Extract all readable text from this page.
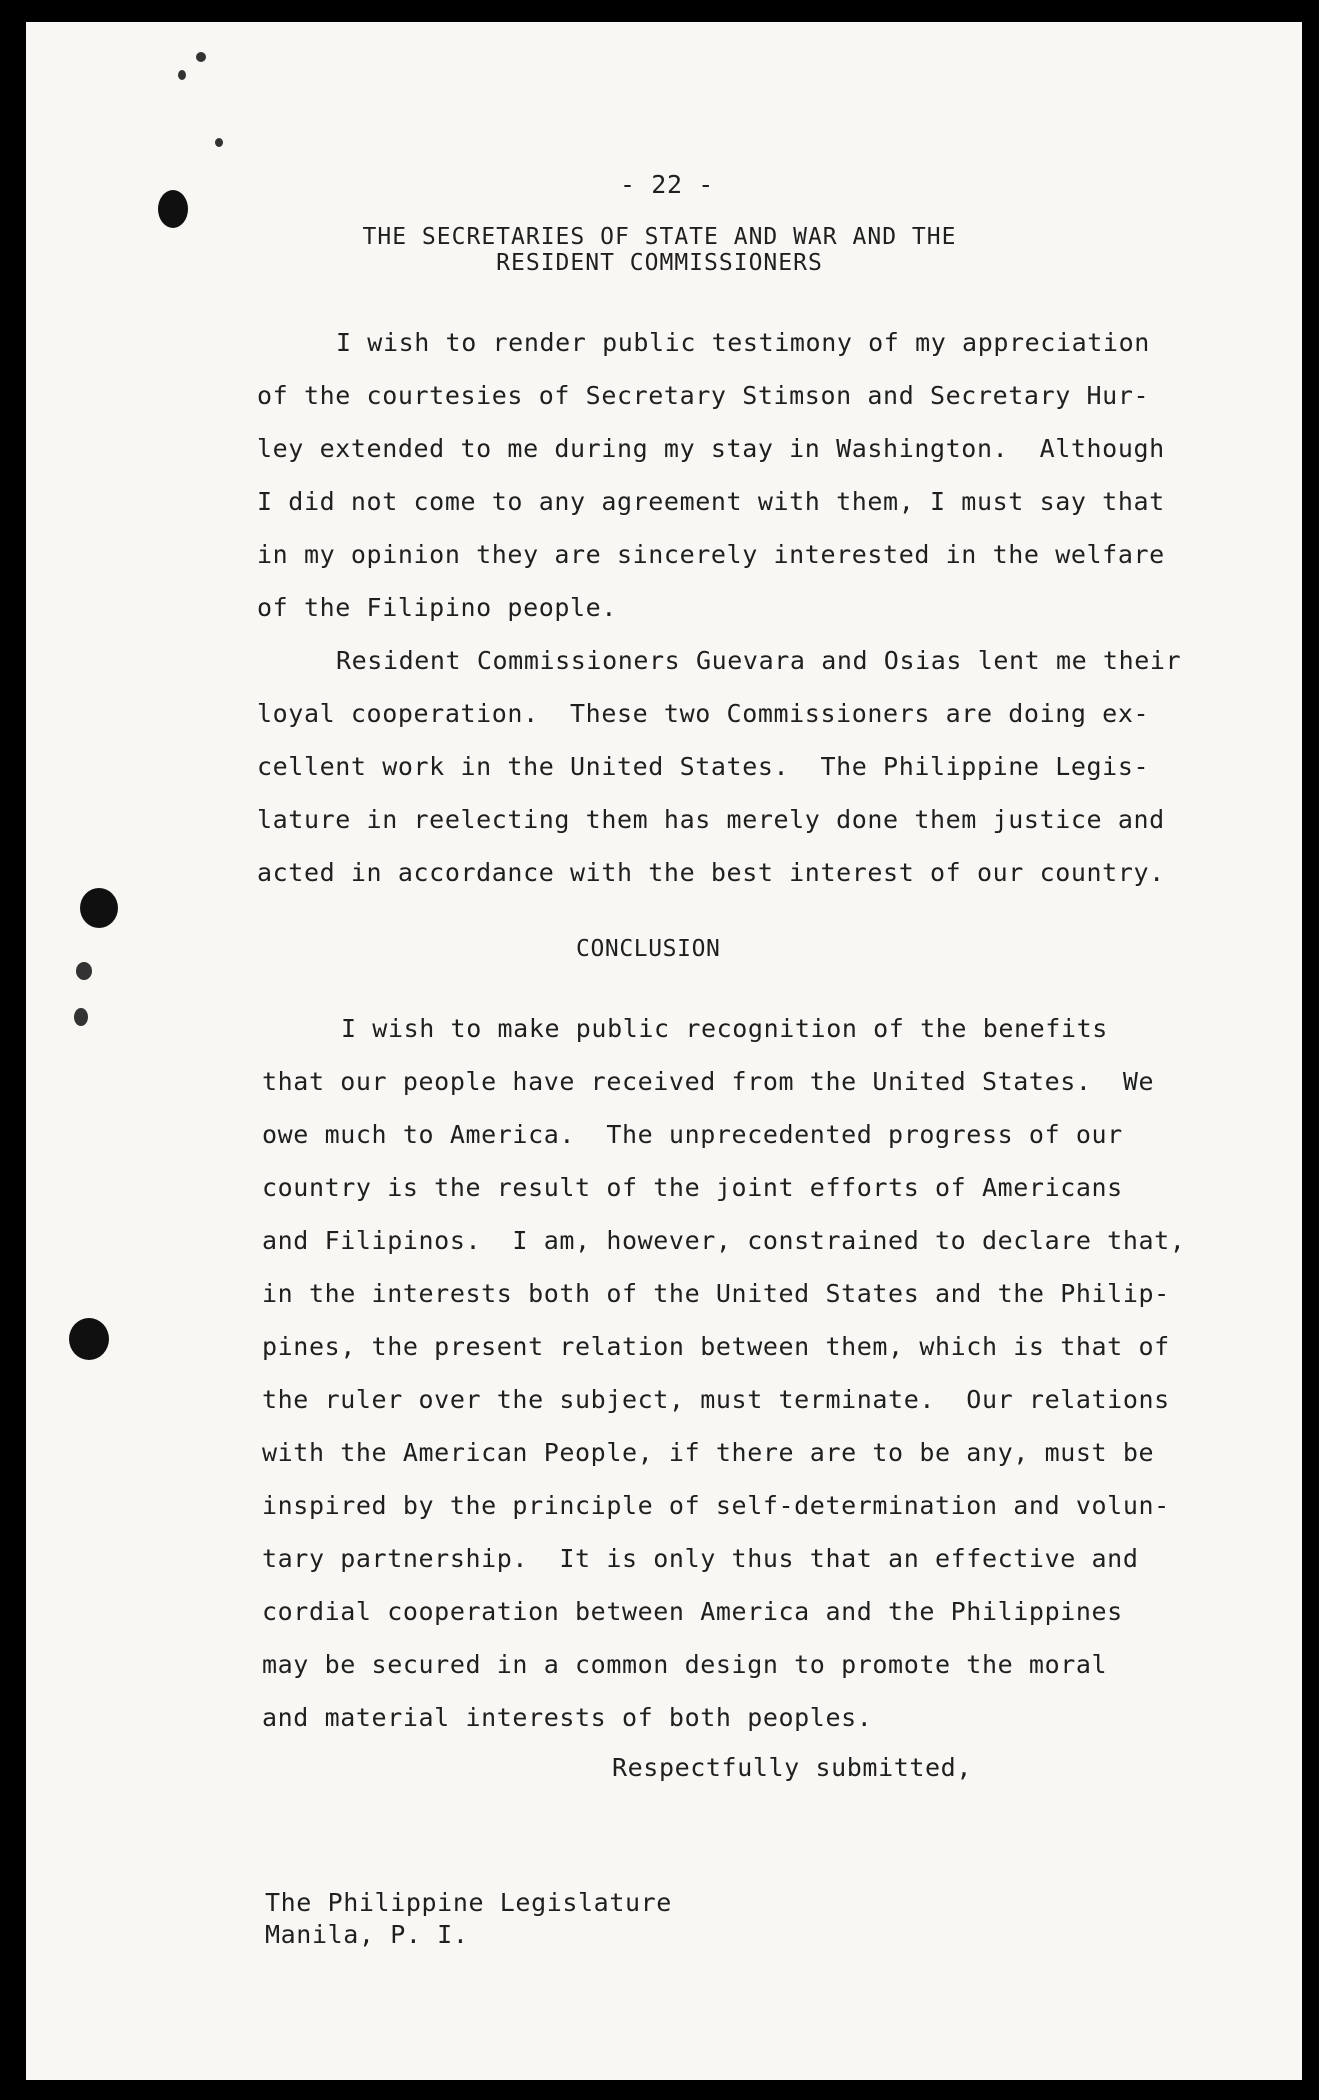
- 22 -
THE SECRETARIES OF STATE AND WAR AND THE
RESIDENT COMMISSIONERS
I wish to render public testimony of my appreciation
of the courtesies of Secretary Stimson and Secretary Hur-
ley extended to me during my stay in Washington.  Although
I did not come to any agreement with them, I must say that
in my opinion they are sincerely interested in the welfare
of the Filipino people.
Resident Commissioners Guevara and Osias lent me their
loyal cooperation.  These two Commissioners are doing ex-
cellent work in the United States.  The Philippine Legis-
lature in reelecting them has merely done them justice and
acted in accordance with the best interest of our country.
CONCLUSION
I wish to make public recognition of the benefits
that our people have received from the United States.  We
owe much to America.  The unprecedented progress of our
country is the result of the joint efforts of Americans
and Filipinos.  I am, however, constrained to declare that,
in the interests both of the United States and the Philip-
pines, the present relation between them, which is that of
the ruler over the subject, must terminate.  Our relations
with the American People, if there are to be any, must be
inspired by the principle of self-determination and volun-
tary partnership.  It is only thus that an effective and
cordial cooperation between America and the Philippines
may be secured in a common design to promote the moral
and material interests of both peoples.
Respectfully submitted,
The Philippine Legislature
Manila, P. I.
